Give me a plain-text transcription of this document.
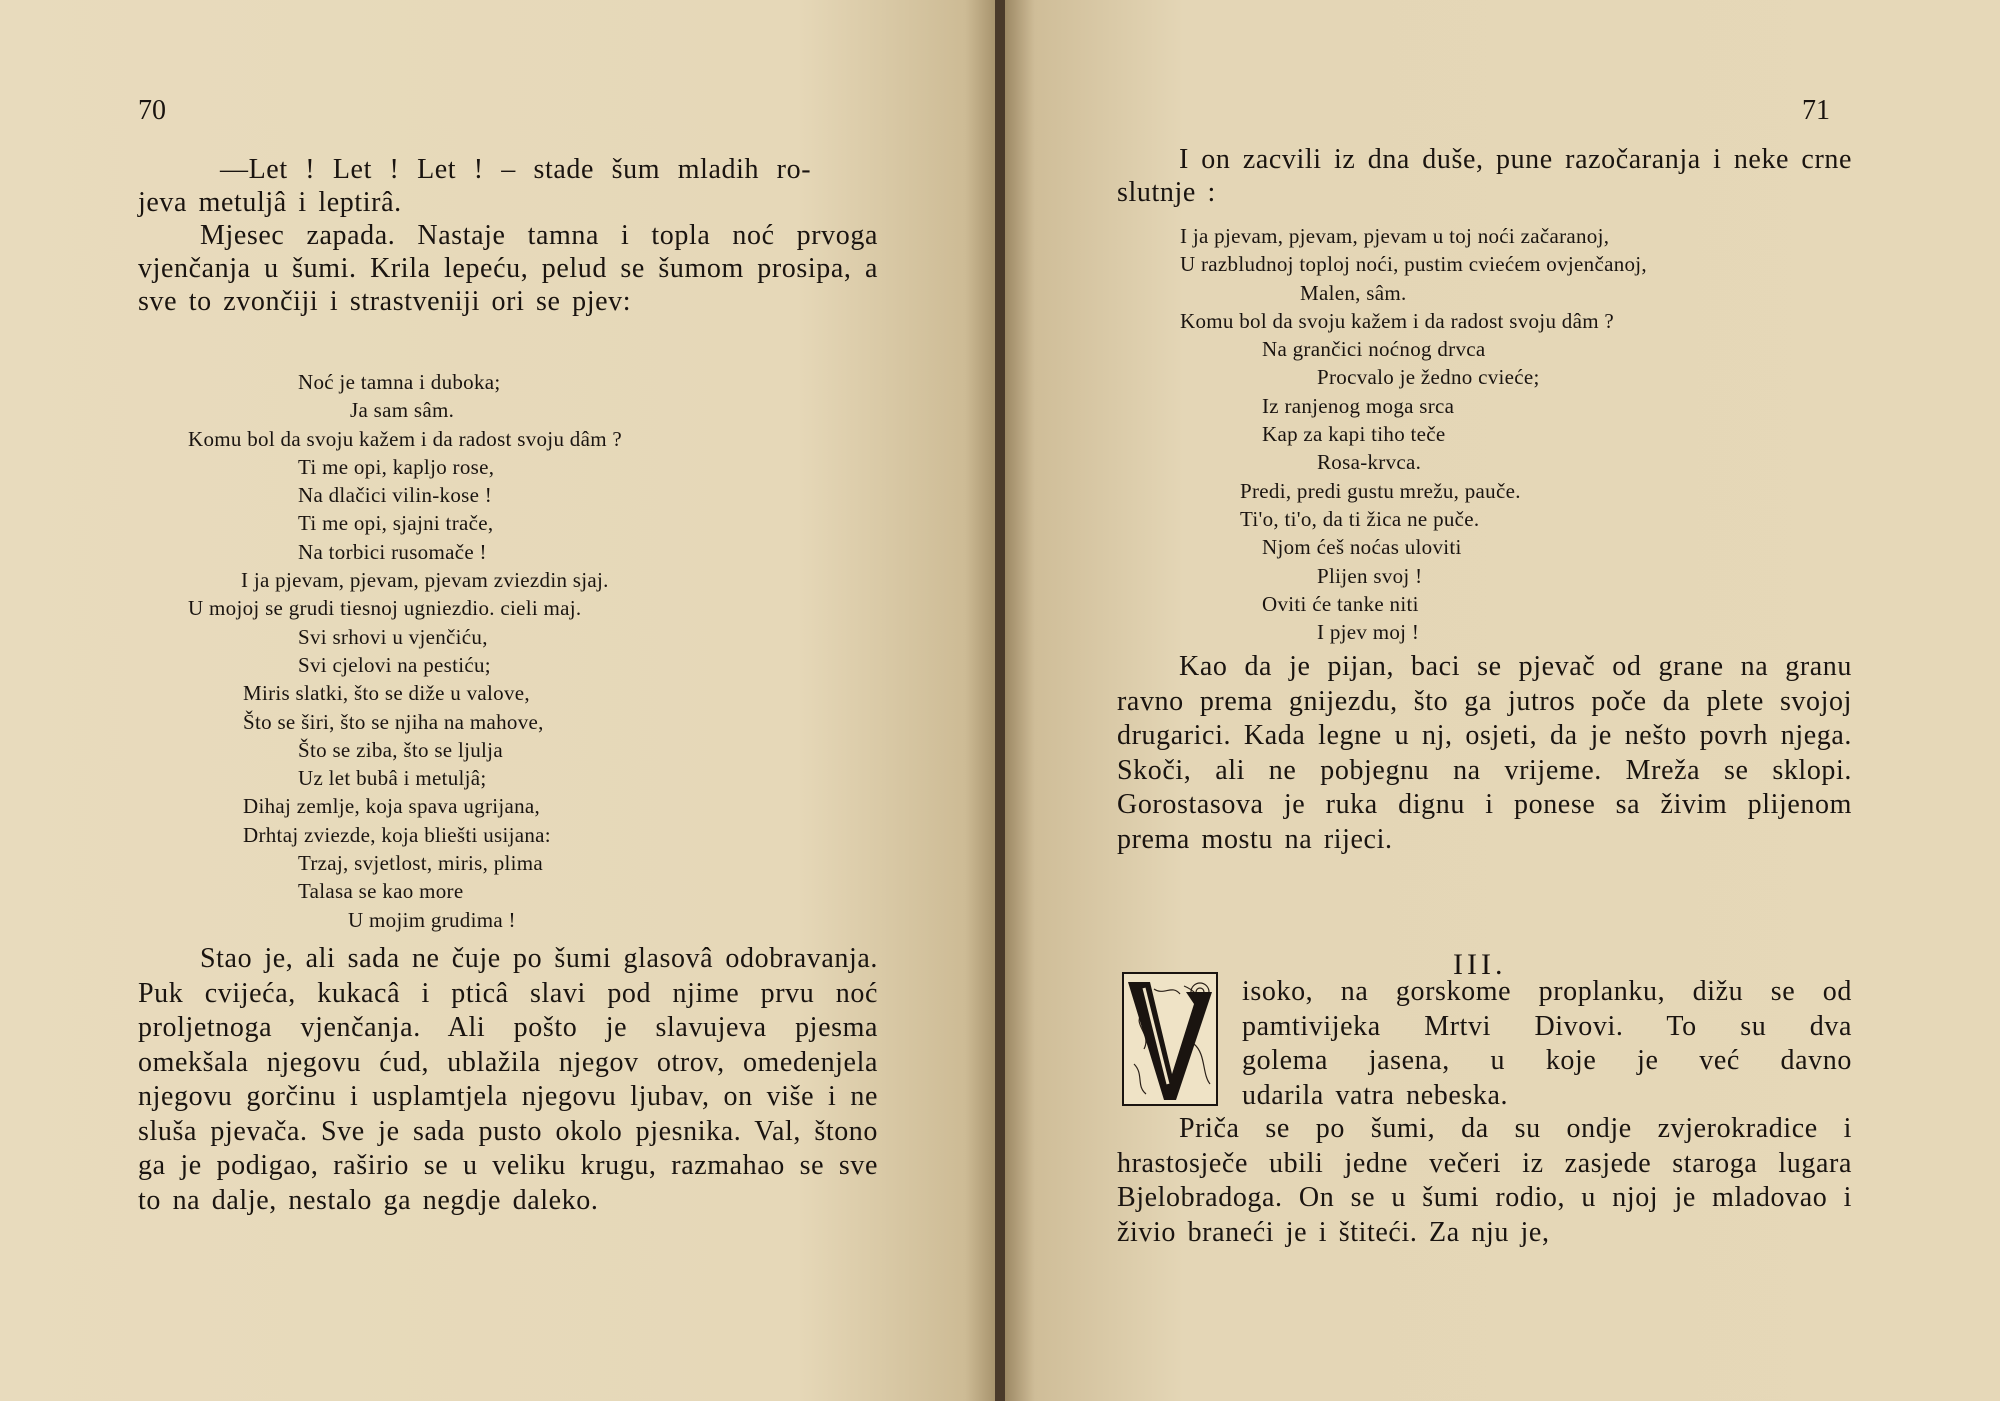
70
—Let ! Let ! Let ! – stade šum mladih ro-
jeva metuljâ i leptirâ.

Mjesec zapada. Nastaje tamna i topla noć prvoga vjenčanja u šumi. Krila lepeću, pelud se šumom prosipa, a sve to zvončiji i strastveniji ori se pjev:

Noć je tamna i duboka;
Ja sam sâm.
Komu bol da svoju kažem i da radost svoju dâm ?
Ti me opi, kapljo rose,
Na dlačici vilin-kose !
Ti me opi, sjajni trače,
Na torbici rusomače !
I ja pjevam, pjevam, pjevam zviezdin sjaj.
U mojoj se grudi tiesnoj ugniezdio. cieli maj.
Svi srhovi u vjenčiću,
Svi cjelovi na pestiću;
Miris slatki, što se diže u valove,
Što se širi, što se njiha na mahove,
Što se ziba, što se ljulja
Uz let bubâ i metuljâ;
Dihaj zemlje, koja spava ugrijana,
Drhtaj zviezde, koja bliešti usijana:
Trzaj, svjetlost, miris, plima
Talasa se kao more
U mojim grudima !

Stao je, ali sada ne čuje po šumi glasovâ odobravanja. Puk cvijeća, kukacâ i pticâ slavi pod njime prvu noć proljetnoga vjenčanja. Ali pošto je slavujeva pjesma omekšala njegovu ćud, ublažila njegov otrov, omedenjela njegovu gorčinu i usplamtjela njegovu ljubav, on više i ne sluša pjevača. Sve je sada pusto okolo pjesnika. Val, štono ga je podigao, raširio se u veliku krugu, razmahao se sve to na dalje, nestalo ga negdje daleko.

71

I on zacvili iz dna duše, pune razočaranja i neke crne slutnje :

I ja pjevam, pjevam, pjevam u toj noći začaranoj,
U razbludnoj toploj noći, pustim cviećem ovjenčanoj,
Malen, sâm.
Komu bol da svoju kažem i da radost svoju dâm ?
Na grančici noćnog drvca
Procvalo je žedno cvieće;
Iz ranjenog moga srca
Kap za kapi tiho teče
Rosa-krvca.
Predi, predi gustu mrežu, pauče.
Ti'o, ti'o, da ti žica ne puče.
Njom ćeš noćas uloviti
Plijen svoj !
Oviti će tanke niti
I pjev moj !

Kao da je pijan, baci se pjevač od grane na granu ravno prema gnijezdu, što ga jutros poče da plete svojoj drugarici. Kada legne u nj, osjeti, da je nešto povrh njega. Skoči, ali ne pobjegnu na vrijeme. Mreža se sklopi. Gorostasova je ruka dignu i ponese sa živim plijenom prema mostu na rijeci.

III.
isoko, na gorskome proplanku, dižu se od
pamtivijeka Mrtvi Divovi. To su dva
golema jasena, u koje je već davno
udarila vatra nebeska.

Priča se po šumi, da su ondje zvjerokradice i hrastosječe ubili jedne večeri iz zasjede staroga lugara Bjelobradoga. On se u šumi rodio, u njoj je mladovao i živio braneći je i štiteći. Za nju je,
